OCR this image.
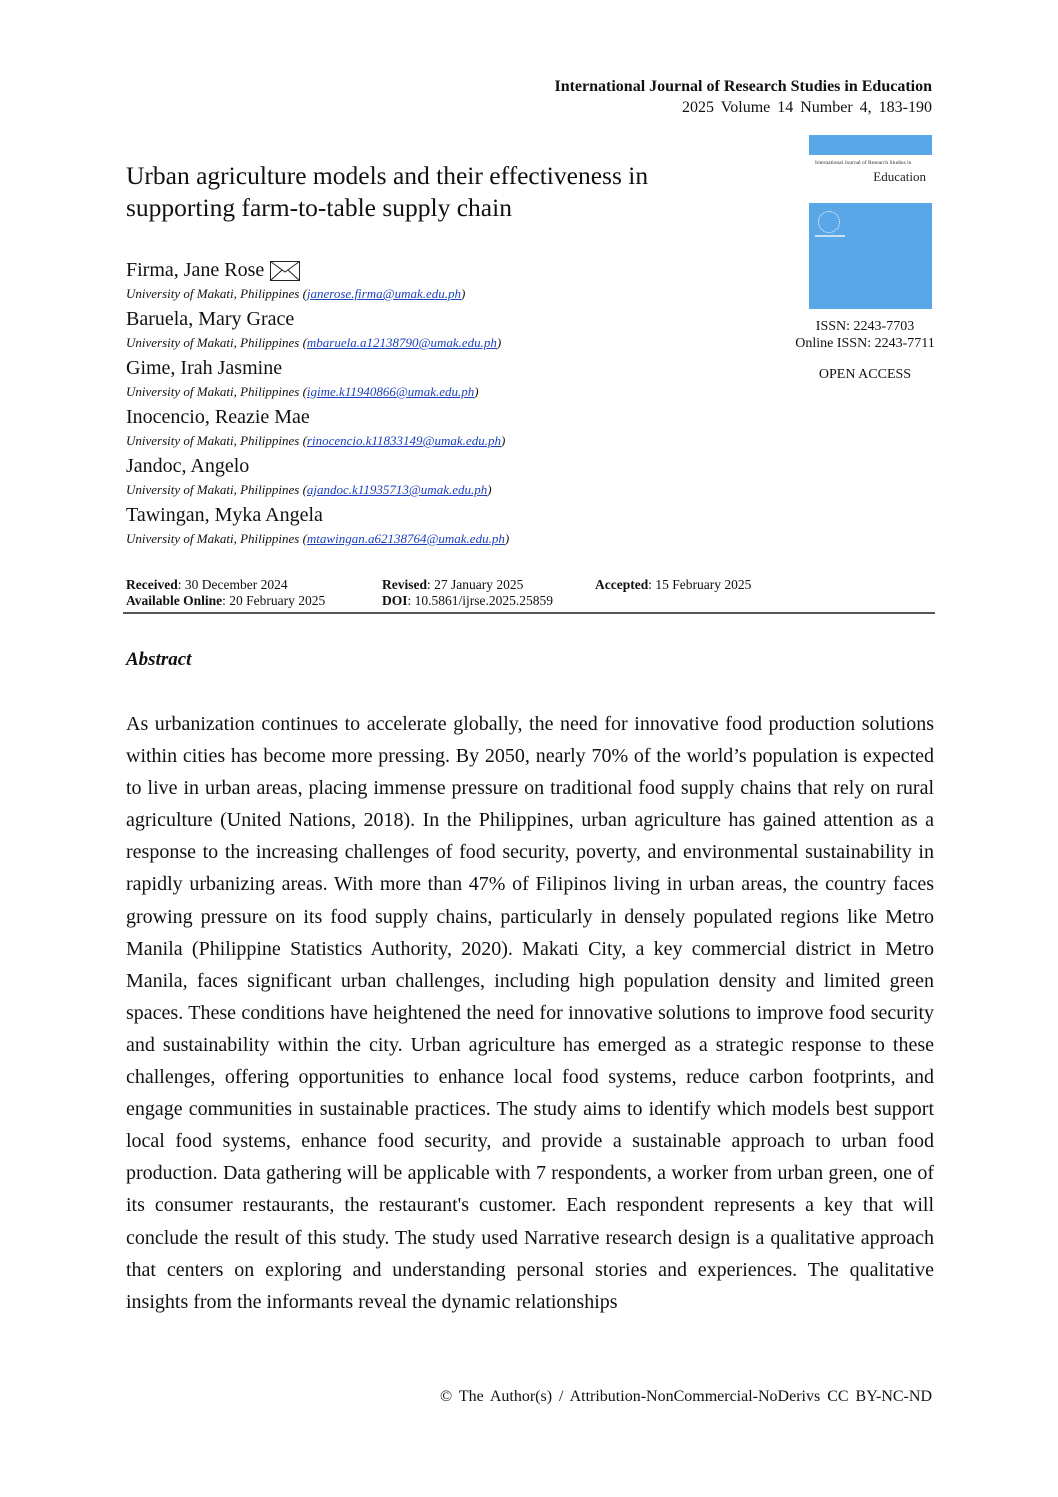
International Journal of Research Studies in Education
2025 Volume 14 Number 4, 183-190
Urban agriculture models and their effectiveness in supporting farm-to-table supply chain
Firma, Jane Rose
University of Makati, Philippines (janerose.firma@umak.edu.ph)
Baruela, Mary Grace
University of Makati, Philippines (mbaruela.a12138790@umak.edu.ph)
Gime, Irah Jasmine
University of Makati, Philippines (igime.k11940866@umak.edu.ph)
Inocencio, Reazie Mae
University of Makati, Philippines (rinocencio.k11833149@umak.edu.ph)
Jandoc, Angelo
University of Makati, Philippines (ajandoc.k11935713@umak.edu.ph)
Tawingan, Myka Angela
University of Makati, Philippines (mtawingan.a62138764@umak.edu.ph)

International Journal of Research Studies in
Education

ISSN: 2243-7703
Online ISSN: 2243-7711
OPEN ACCESS
Received: 30 December 2024	Revised: 27 January 2025	Accepted: 15 February 2025
Available Online: 20 February 2025	DOI: 10.5861/ijrse.2025.25859
Abstract

As urbanization continues to accelerate globally, the need for innovative food production solutions within cities has become more pressing. By 2050, nearly 70% of the world’s population is expected to live in urban areas, placing immense pressure on traditional food supply chains that rely on rural agriculture (United Nations, 2018). In the Philippines, urban agriculture has gained attention as a response to the increasing challenges of food security, poverty, and environmental sustainability in rapidly urbanizing areas. With more than 47% of Filipinos living in urban areas, the country faces growing pressure on its food supply chains, particularly in densely populated regions like Metro Manila (Philippine Statistics Authority, 2020). Makati City, a key commercial district in Metro Manila, faces significant urban challenges, including high population density and limited green spaces. These conditions have heightened the need for innovative solutions to improve food security and sustainability within the city. Urban agriculture has emerged as a strategic response to these challenges, offering opportunities to enhance local food systems, reduce carbon footprints, and engage communities in sustainable practices. The study aims to identify which models best support local food systems, enhance food security, and provide a sustainable approach to urban food production. Data gathering will be applicable with 7 respondents, a worker from urban green, one of its consumer restaurants, the restaurant's customer. Each respondent represents a key that will conclude the result of this study. The study used Narrative research design is a qualitative approach that centers on exploring and understanding personal stories and experiences. The qualitative insights from the informants reveal the dynamic relationships

© The Author(s) / Attribution-NonCommercial-NoDerivs CC BY-NC-ND
